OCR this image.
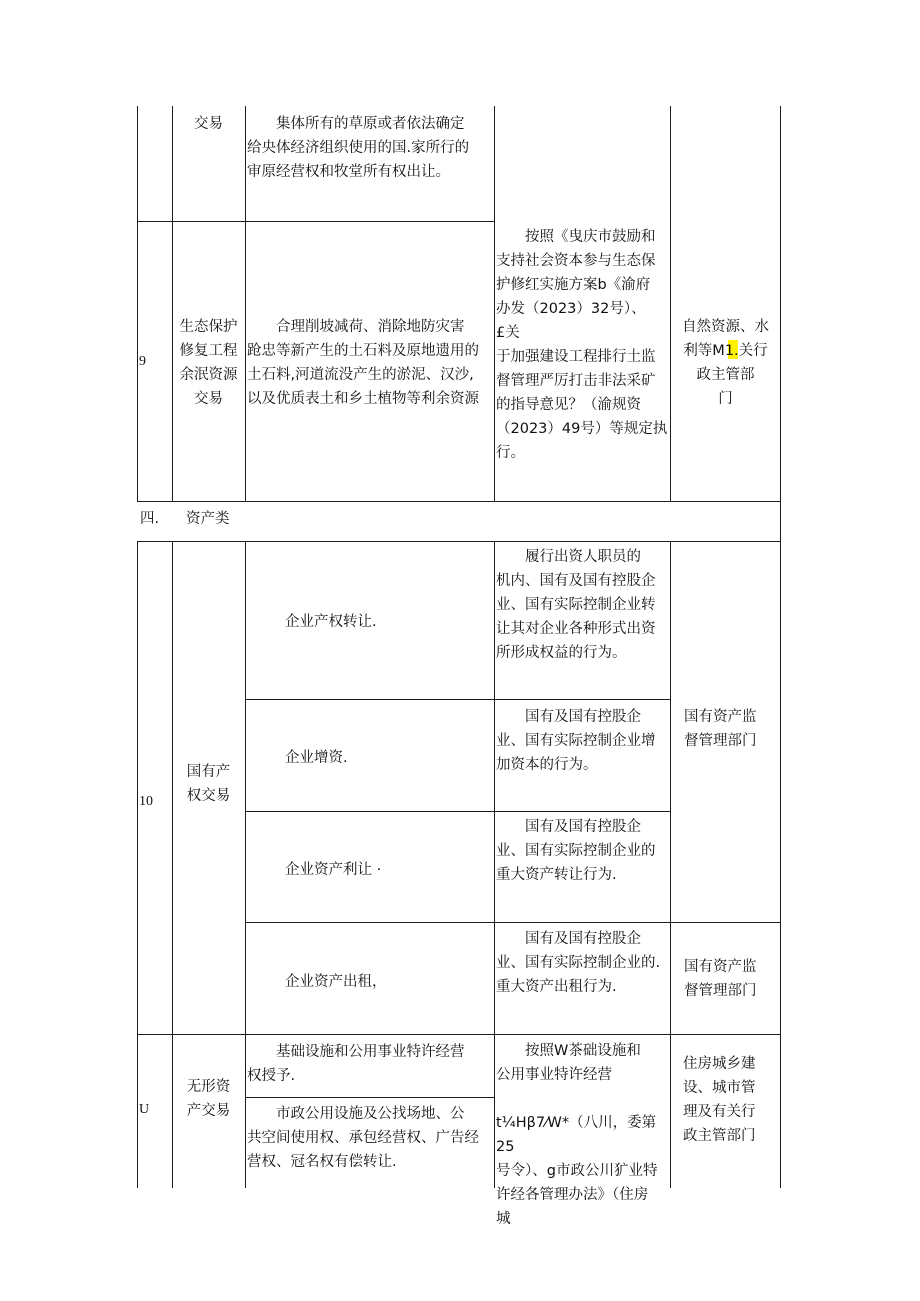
交易	　　集体所有的草原或者依法确定
给央体经济组织使用的国.家所行的
审原经营权和牧堂所有权出让。
9
生态保护
修复工程
余泯资源
交易
　　合理削坡减荷、消除地防灾害
跄忠等新产生的土石料及原地遗用的
土石料,河道流没产生的淤泥、汉沙,
以及优质表土和乡土植物等利余资源
　　按照《曳庆市鼓励和
支持社会资本参与生态保
护修红实施方案b《渝府
办发（2023）32号）、£关
于加强建设工程排行土监
督管理严厉打击非法采矿
的指导意见？（渝规资
（2023）49号）等规定执
行。
自然资源、水
利等M1.关行
政主管部
门
四.	资产类
10
国有产
权交易
企业产权转让.
　　履行出资人职员的
机内、国有及国有控股企
业、国有实际控制企业转
让其对企业各种形式出资
所形成权益的行为。
企业增资.
　　国有及国有控股企
业、国有实际控制企业增
加资本的行为。
企业资产利让 ·
　　国有及国有控股企
业、国有实际控制企业的
重大资产转让行为.
企业资产出租，
　　国有及国有控股企
业、国有实际控制企业的.
重大资产出租行为.
国有资产监
督管理部门
国有资产监
督管理部门
U
无形资
产交易
　　基础设施和公用事业特许经营
权授予.
　　市政公用设施及公找场地、公
共空间使用权、承包经营权、广告经
营权、冠名权有偿转让.
　　按照W茶础设施和
公用事业特许经营

t¼Hβ7⁄W*（八川，委第25
号令）、g市政公川犷业特
许经各管理办法》（住房
城
住房城乡建
设、城市管
理及有关行
政主管部门
